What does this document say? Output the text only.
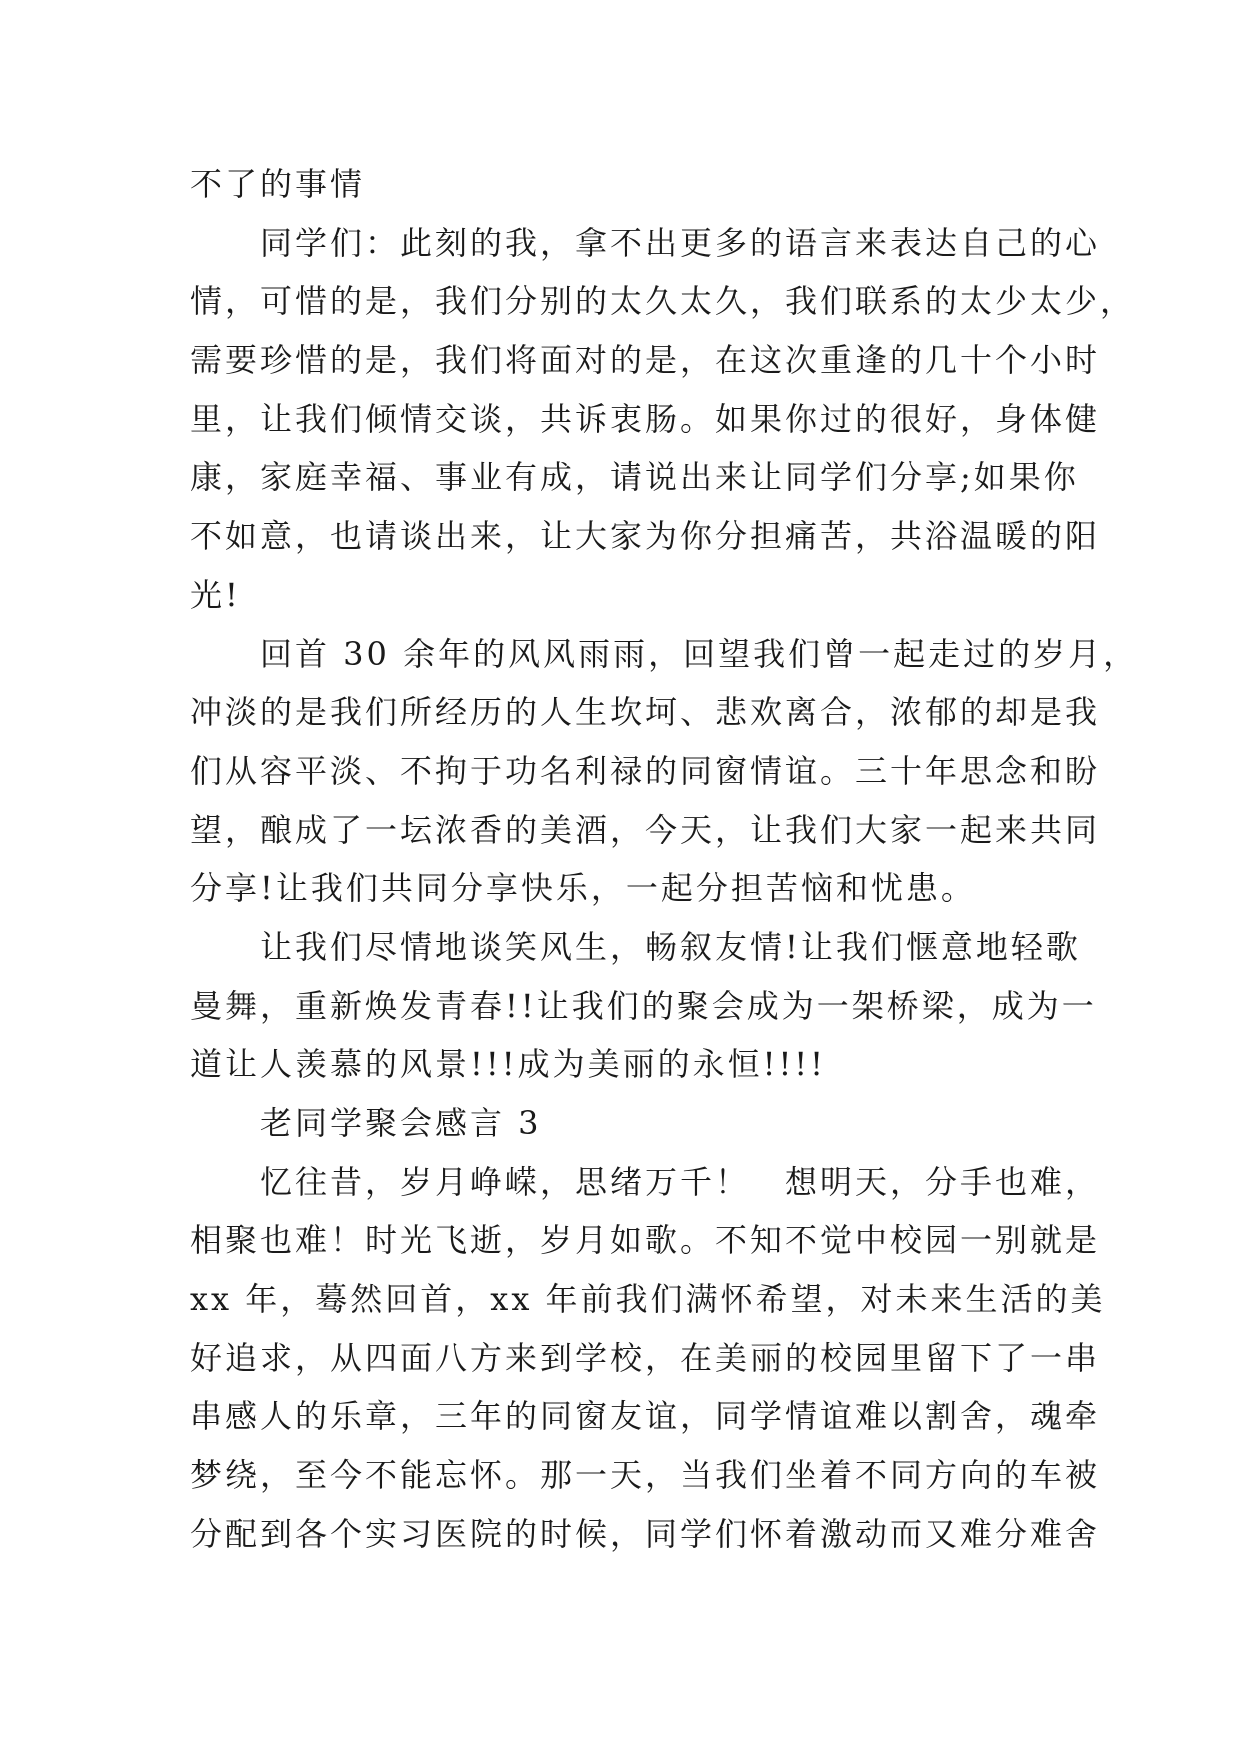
不了的事情
同学们：此刻的我，拿不出更多的语言来表达自己的心
情，可惜的是，我们分别的太久太久，我们联系的太少太少，
需要珍惜的是，我们将面对的是，在这次重逢的几十个小时
里，让我们倾情交谈，共诉衷肠。如果你过的很好，身体健
康，家庭幸福、事业有成，请说出来让同学们分享;如果你
不如意，也请谈出来，让大家为你分担痛苦，共浴温暖的阳
光!
回首 30 余年的风风雨雨，回望我们曾一起走过的岁月，
冲淡的是我们所经历的人生坎坷、悲欢离合，浓郁的却是我
们从容平淡、不拘于功名利禄的同窗情谊。三十年思念和盼
望，酿成了一坛浓香的美酒，今天，让我们大家一起来共同
分享!让我们共同分享快乐，一起分担苦恼和忧患。
让我们尽情地谈笑风生，畅叙友情!让我们惬意地轻歌
曼舞，重新焕发青春!!让我们的聚会成为一架桥梁，成为一
道让人羡慕的风景!!!成为美丽的永恒!!!!
老同学聚会感言 3
忆往昔，岁月峥嵘，思绪万千！　想明天，分手也难，
相聚也难！时光飞逝，岁月如歌。不知不觉中校园一别就是
xx 年，蓦然回首，xx 年前我们满怀希望，对未来生活的美
好追求，从四面八方来到学校，在美丽的校园里留下了一串
串感人的乐章，三年的同窗友谊，同学情谊难以割舍，魂牵
梦绕，至今不能忘怀。那一天，当我们坐着不同方向的车被
分配到各个实习医院的时候，同学们怀着激动而又难分难舍
